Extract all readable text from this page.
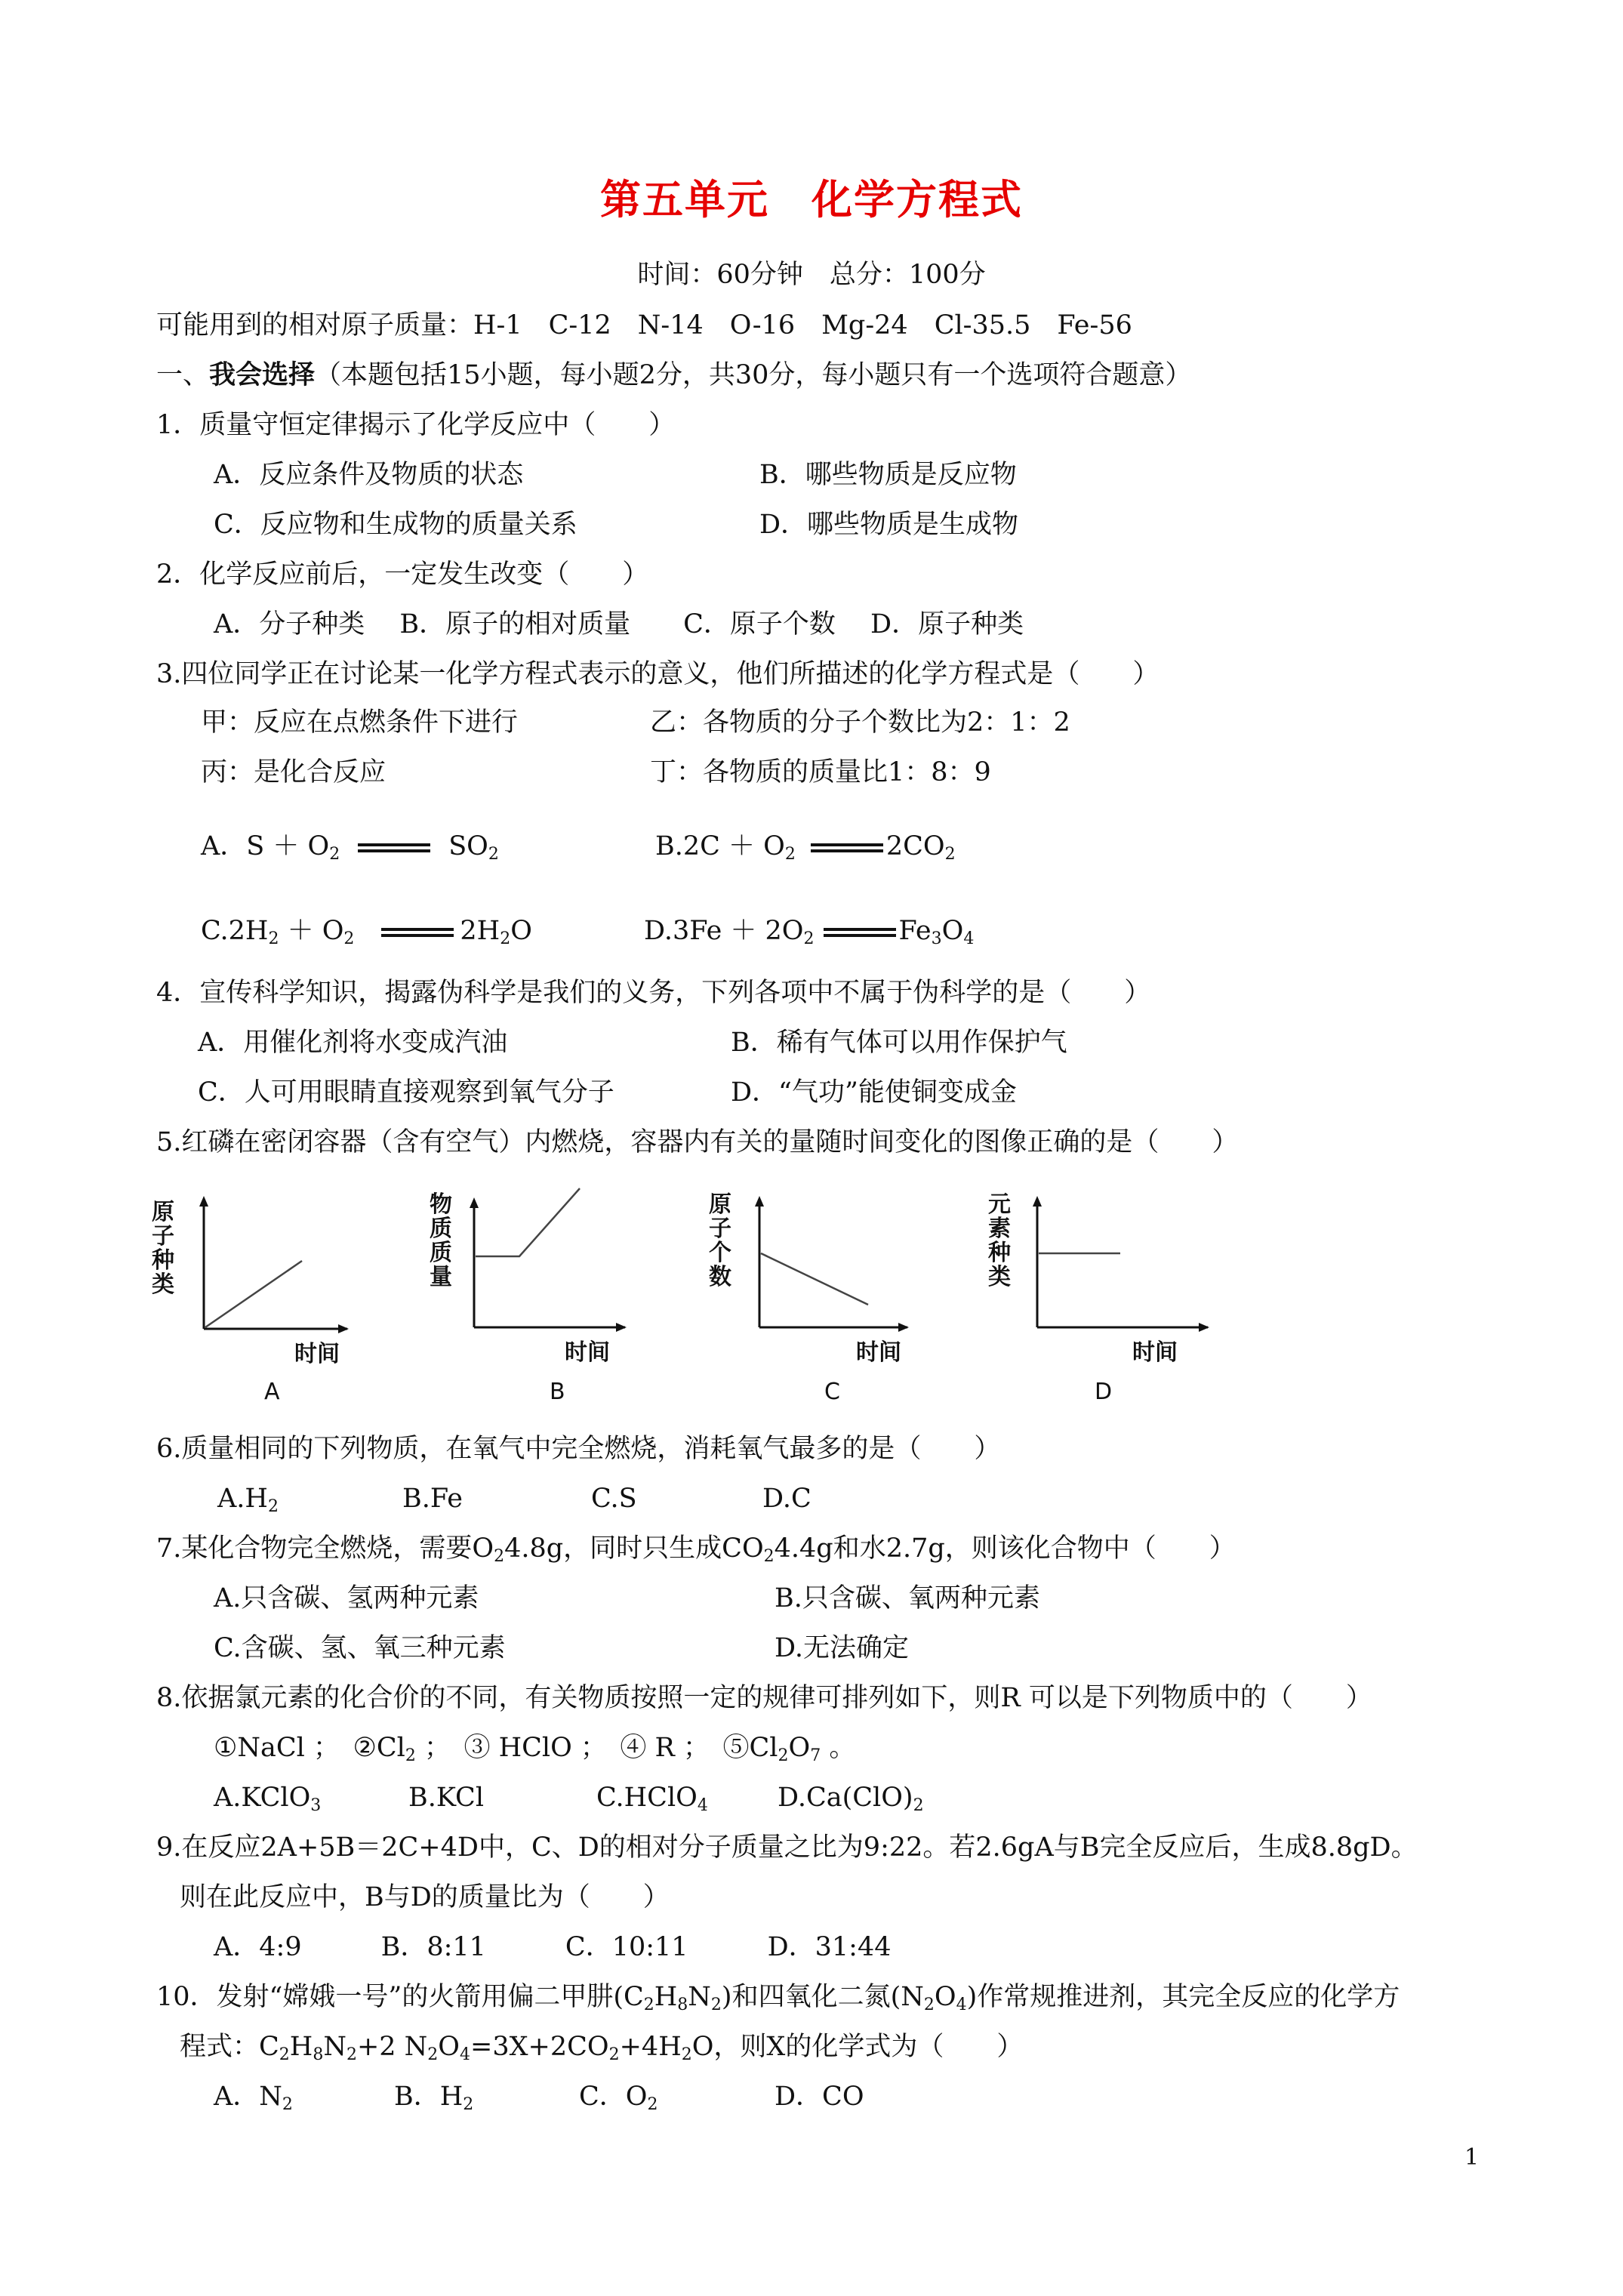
第五单元　化学方程式
时间：60分钟　总分：100分
可能用到的相对原子质量：H-1　C-12　N-14　O-16　Mg-24　Cl-35.5　Fe-56
一、我会选择（本题包括15小题，每小题2分，共30分，每小题只有一个选项符合题意）
1．质量守恒定律揭示了化学反应中（　　）
A．反应条件及物质的状态	B．哪些物质是反应物
C．反应物和生成物的质量关系	D．哪些物质是生成物
2．化学反应前后，一定发生改变（　　）
A．分子种类　 B．原子的相对质量　　C．原子个数　 D．原子种类
3.四位同学正在讨论某一化学方程式表示的意义，他们所描述的化学方程式是（　　）
甲：反应在点燃条件下进行	乙：各物质的分子个数比为2：1：2
丙：是化合反应	丁：各物质的质量比1：8：9
A．$S + O_2$	$SO_2$	$B.2C + O_2$	$2CO_2$
$C.2H_2 + O_2$	$2H_2O$	$D.3Fe + 2O_2$	$Fe_3O_4$
4．宣传科学知识，揭露伪科学是我们的义务，下列各项中不属于伪科学的是（　　）
A．用催化剂将水变成汽油	B．稀有气体可以用作保护气
C．人可用眼睛直接观察到氧气分子	D．“气功”能使铜变成金
5.红磷在密闭容器（含有空气）内燃烧，容器内有关的量随时间变化的图像正确的是（　　）
原子种类
时间
A
物质质量
时间
B
原子个数
时间
C
元素种类
时间
D
6.质量相同的下列物质，在氧气中完全燃烧，消耗氧气最多的是（　　）
$A.H_2$	B.Fe	C.S	D.C
7.某化合物完全燃烧，需要$O_24.8g$，同时只生成$CO_24.4g$和水2.7g，则该化合物中（　　）
A.只含碳、氢两种元素	B.只含碳、氧两种元素
C.含碳、氢、氧三种元素	D.无法确定
8.依据氯元素的化合价的不同，有关物质按照一定的规律可排列如下，则R 可以是下列物质中的（　　）
①NaCl ；　$②Cl_2$ ；　③ HClO ；　④ R ；　$⑤Cl_2O_7$ 。
A.KClO$_3$	B.KCl	C.HClO$_4$	$D.Ca(ClO)_2$
9.在反应2A+5B＝2C+4D中，C、D的相对分子质量之比为9:22。若2.6gA与B完全反应后，生成8.8gD。
则在此反应中，B与D的质量比为（　　）
A．4:9　　　B．8:11　　　C．10:11　　　D．31:44
10．发射“嫦娥一号”的火箭用偏二甲肼$(C_2H_8N_2)$和四氧化二氮$(N_2O_4)$作常规推进剂，其完全反应的化学方
程式：$C_2H_8N_2+2$ $N_2O_4=3X+2CO_2+4H_2O$，则X的化学式为（　　）
A．$N_2$	B．$H_2$	C．$O_2$	D．CO
1
